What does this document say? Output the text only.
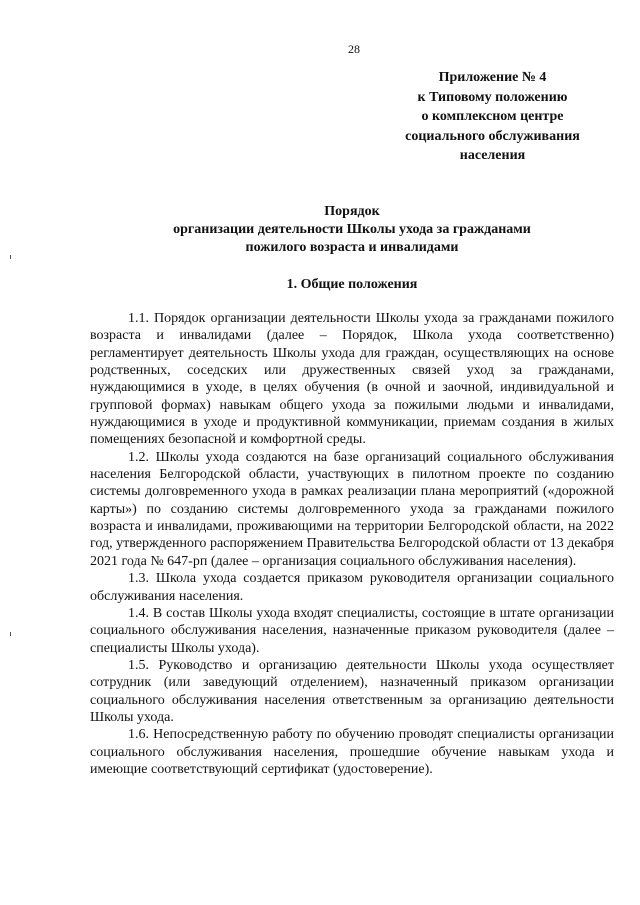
28
Приложение № 4
к Типовому положению
о комплексном центре
социального обслуживания
населения
Порядок
организации деятельности Школы ухода за гражданами
пожилого возраста и инвалидами
1. Общие положения

1.1. Порядок организации деятельности Школы ухода за гражданами пожилого возраста и инвалидами (далее – Порядок, Школа ухода соответственно) регламентирует деятельность Школы ухода для граждан, осуществляющих на основе родственных, соседских или дружественных связей уход за гражданами, нуждающимися в уходе, в целях обучения (в очной и заочной, индивидуальной и групповой формах) навыкам общего ухода за пожилыми людьми и инвалидами, нуждающимися в уходе и продуктивной коммуникации, приемам создания в жилых помещениях безопасной и комфортной среды.

1.2. Школы ухода создаются на базе организаций социального обслуживания населения Белгородской области, участвующих в пилотном проекте по созданию системы долговременного ухода в рамках реализации плана мероприятий («дорожной карты») по созданию системы долговременного ухода за гражданами пожилого возраста и инвалидами, проживающими на территории Белгородской области, на 2022 год, утвержденного распоряжением Правительства Белгородской области от 13 декабря 2021 года № 647-рп (далее – организация социального обслуживания населения).

1.3. Школа ухода создается приказом руководителя организации социального обслуживания населения.

1.4. В состав Школы ухода входят специалисты, состоящие в штате организации социального обслуживания населения, назначенные приказом руководителя (далее – специалисты Школы ухода).

1.5. Руководство и организацию деятельности Школы ухода осуществляет сотрудник (или заведующий отделением), назначенный приказом организации социального обслуживания населения ответственным за организацию деятельности Школы ухода.

1.6. Непосредственную работу по обучению проводят специалисты организации социального обслуживания населения, прошедшие обучение навыкам ухода и имеющие соответствующий сертификат (удостоверение).
